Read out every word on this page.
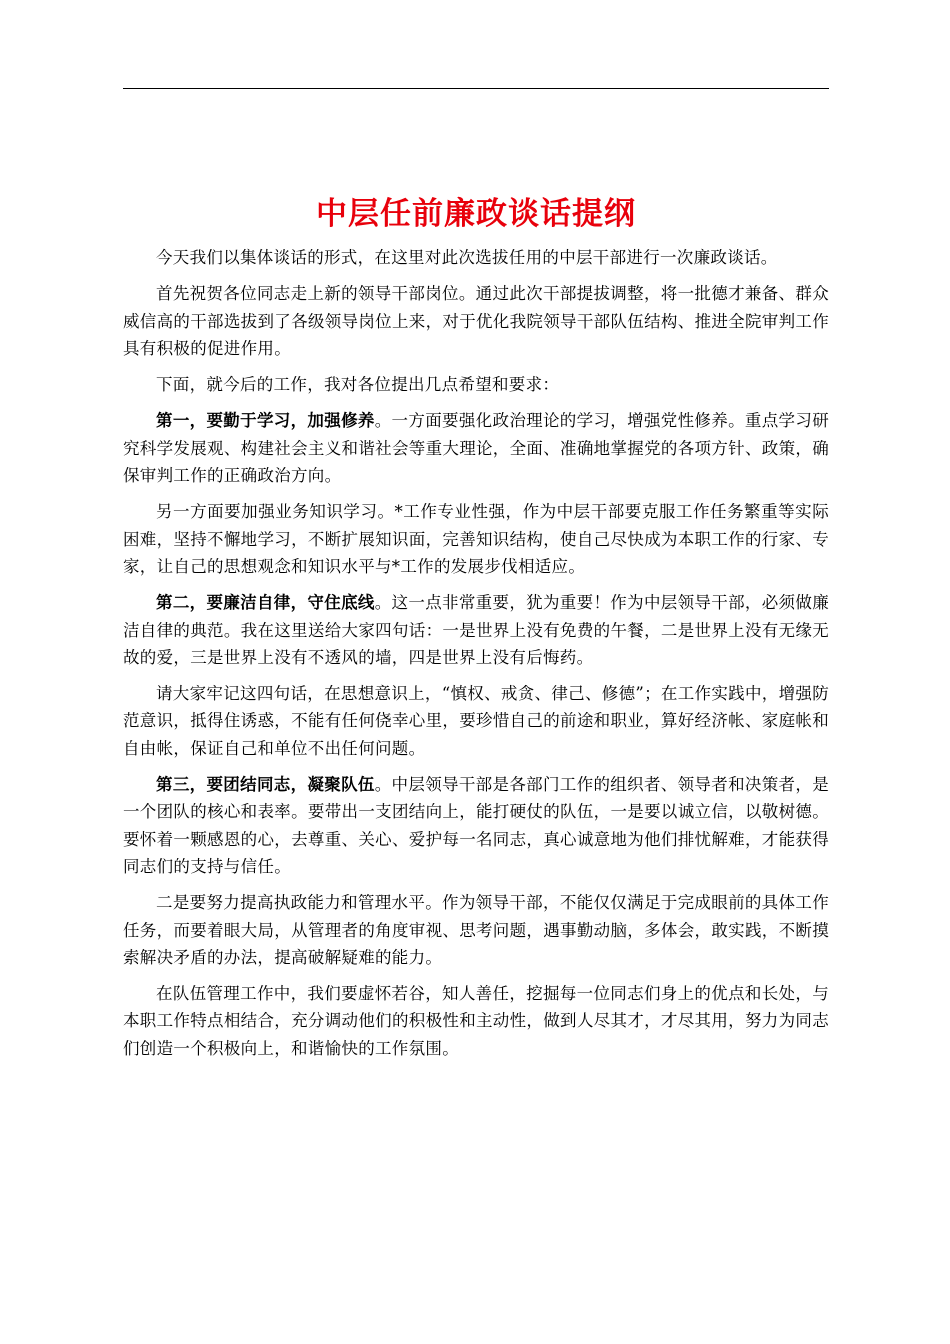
中层任前廉政谈话提纲

今天我们以集体谈话的形式，在这里对此次选拔任用的中层干部进行一次廉政谈话。

首先祝贺各位同志走上新的领导干部岗位。通过此次干部提拔调整，将一批德才兼备、群众威信高的干部选拔到了各级领导岗位上来，对于优化我院领导干部队伍结构、推进全院审判工作具有积极的促进作用。

下面，就今后的工作，我对各位提出几点希望和要求：

第一，要勤于学习，加强修养。一方面要强化政治理论的学习，增强党性修养。重点学习研究科学发展观、构建社会主义和谐社会等重大理论，全面、准确地掌握党的各项方针、政策，确保审判工作的正确政治方向。

另一方面要加强业务知识学习。*工作专业性强，作为中层干部要克服工作任务繁重等实际困难，坚持不懈地学习，不断扩展知识面，完善知识结构，使自己尽快成为本职工作的行家、专家，让自己的思想观念和知识水平与*工作的发展步伐相适应。

第二，要廉洁自律，守住底线。这一点非常重要，犹为重要！作为中层领导干部，必须做廉洁自律的典范。我在这里送给大家四句话：一是世界上没有免费的午餐，二是世界上没有无缘无故的爱，三是世界上没有不透风的墙，四是世界上没有后悔药。

请大家牢记这四句话，在思想意识上，“慎权、戒贪、律己、修德”；在工作实践中，增强防范意识，抵得住诱惑，不能有任何侥幸心里，要珍惜自己的前途和职业，算好经济帐、家庭帐和自由帐，保证自己和单位不出任何问题。

第三，要团结同志，凝聚队伍。中层领导干部是各部门工作的组织者、领导者和决策者，是一个团队的核心和表率。要带出一支团结向上，能打硬仗的队伍，一是要以诚立信，以敬树德。要怀着一颗感恩的心，去尊重、关心、爱护每一名同志，真心诚意地为他们排忧解难，才能获得同志们的支持与信任。

二是要努力提高执政能力和管理水平。作为领导干部，不能仅仅满足于完成眼前的具体工作任务，而要着眼大局，从管理者的角度审视、思考问题，遇事勤动脑，多体会，敢实践，不断摸索解决矛盾的办法，提高破解疑难的能力。

在队伍管理工作中，我们要虚怀若谷，知人善任，挖掘每一位同志们身上的优点和长处，与本职工作特点相结合，充分调动他们的积极性和主动性，做到人尽其才，才尽其用，努力为同志们创造一个积极向上，和谐愉快的工作氛围。
